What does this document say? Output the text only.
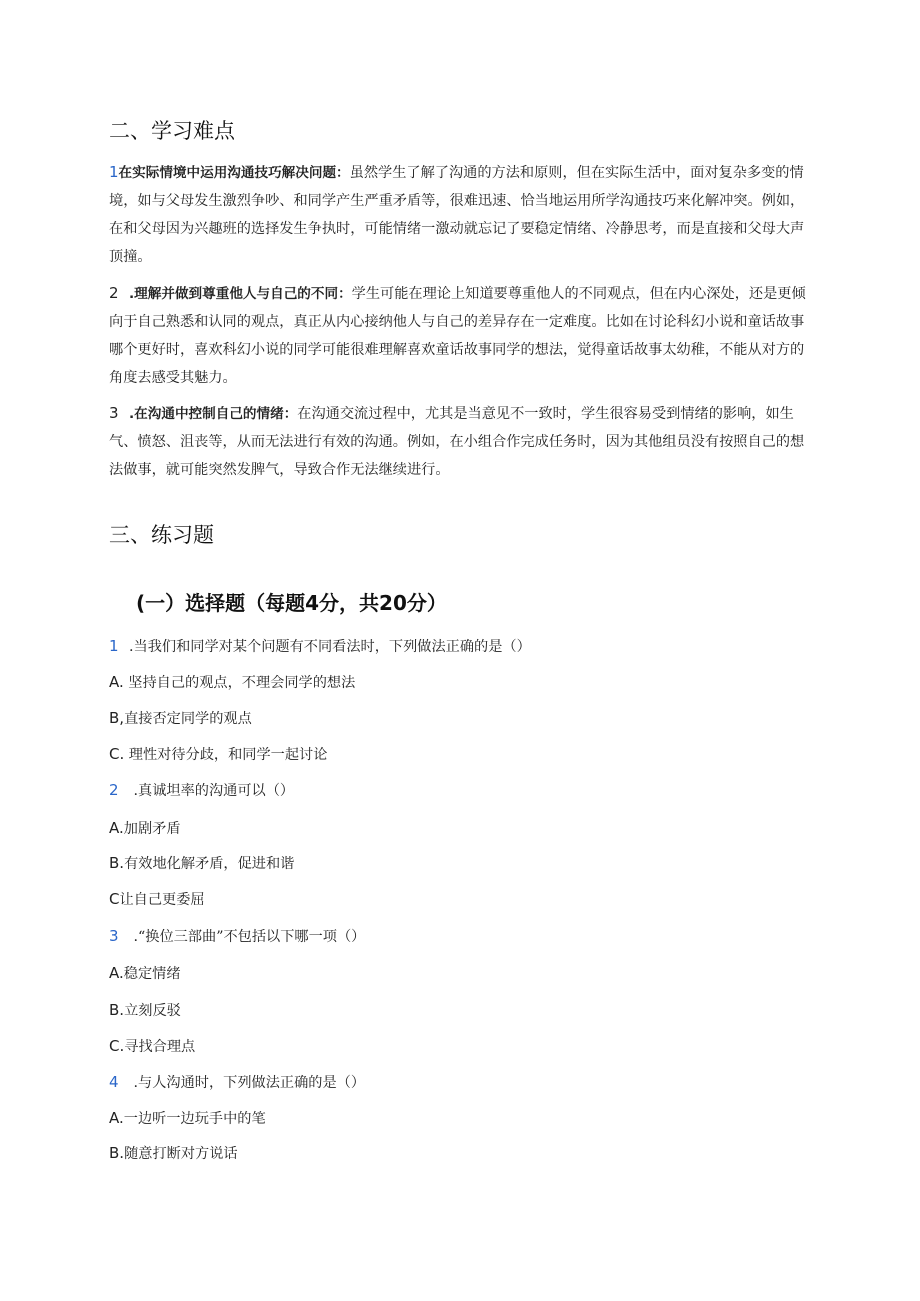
二、学习难点
1在实际情境中运用沟通技巧解决问题：虽然学生了解了沟通的方法和原则，但在实际生活中，面对复杂多变的情境，如与父母发生激烈争吵、和同学产生严重矛盾等，很难迅速、恰当地运用所学沟通技巧来化解冲突。例如，在和父母因为兴趣班的选择发生争执时，可能情绪一激动就忘记了要稳定情绪、冷静思考，而是直接和父母大声顶撞。
2 .理解并做到尊重他人与自己的不同：学生可能在理论上知道要尊重他人的不同观点，但在内心深处，还是更倾向于自己熟悉和认同的观点，真正从内心接纳他人与自己的差异存在一定难度。比如在讨论科幻小说和童话故事哪个更好时，喜欢科幻小说的同学可能很难理解喜欢童话故事同学的想法，觉得童话故事太幼稚，不能从对方的角度去感受其魅力。
3 .在沟通中控制自己的情绪：在沟通交流过程中，尤其是当意见不一致时，学生很容易受到情绪的影响，如生气、愤怒、沮丧等，从而无法进行有效的沟通。例如，在小组合作完成任务时，因为其他组员没有按照自己的想法做事，就可能突然发脾气，导致合作无法继续进行。
三、练习题
(一）选择题（每题4分，共20分）
1 .当我们和同学对某个问题有不同看法时，下列做法正确的是（）
A. 坚持自己的观点，不理会同学的想法
B,直接否定同学的观点
C. 理性对待分歧，和同学一起讨论
2 .真诚坦率的沟通可以（）
A.加剧矛盾
B.有效地化解矛盾，促进和谐
C让自己更委屈
3 .“换位三部曲”不包括以下哪一项（）
A.稳定情绪
B.立刻反驳
C.寻找合理点
4 .与人沟通时，下列做法正确的是（）
A.一边听一边玩手中的笔
B.随意打断对方说话
